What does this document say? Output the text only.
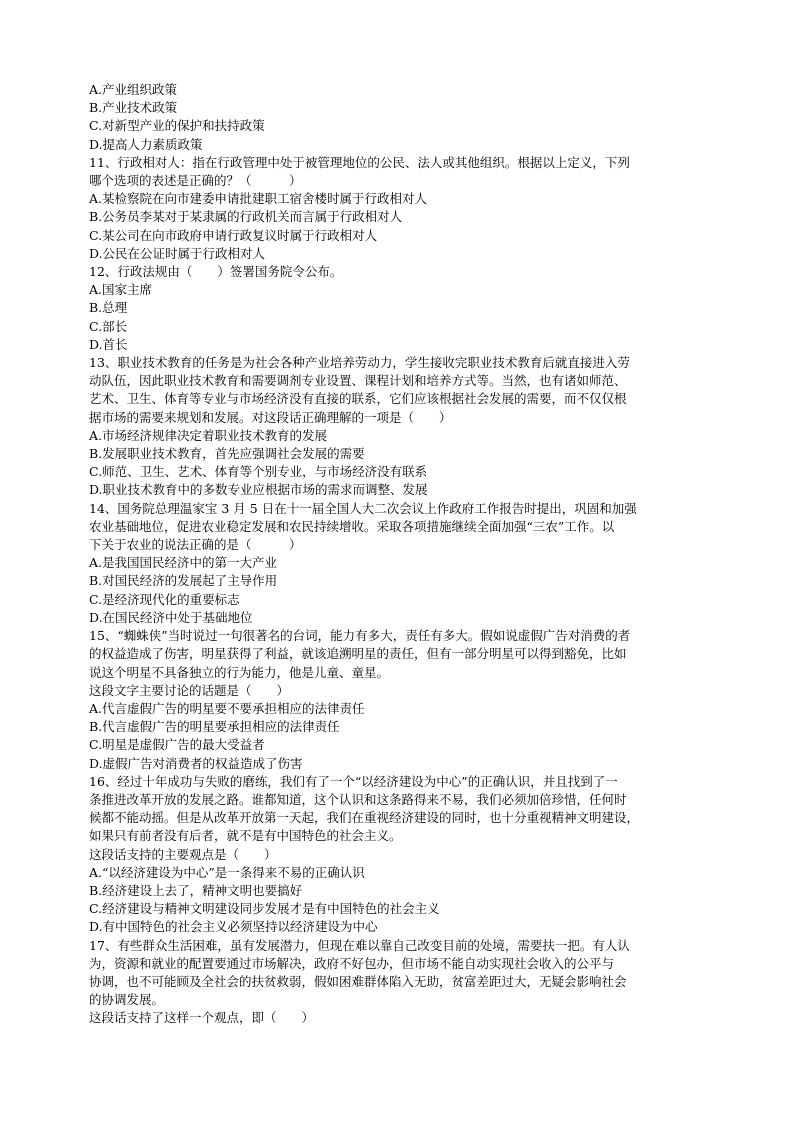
A.产业组织政策
B.产业技术政策
C.对新型产业的保护和扶持政策
D.提高人力素质政策
11、行政相对人：指在行政管理中处于被管理地位的公民、法人或其他组织。根据以上定义，下列
哪个选项的表述是正确的？（　　　）
A.某检察院在向市建委申请批建职工宿舍楼时属于行政相对人
B.公务员李某对于某隶属的行政机关而言属于行政相对人
C.某公司在向市政府申请行政复议时属于行政相对人
D.公民在公证时属于行政相对人
12、行政法规由（　　）签署国务院令公布。
A.国家主席
B.总理
C.部长
D.首长
13、职业技术教育的任务是为社会各种产业培养劳动力，学生接收完职业技术教育后就直接进入劳
动队伍，因此职业技术教育和需要调剂专业设置、课程计划和培养方式等。当然，也有诸如师范、
艺术、卫生、体育等专业与市场经济没有直接的联系，它们应该根据社会发展的需要，而不仅仅根
据市场的需要来规划和发展。对这段话正确理解的一项是（　　）
A.市场经济规律决定着职业技术教育的发展
B.发展职业技术教育，首先应强调社会发展的需要
C.师范、卫生、艺术、体育等个别专业，与市场经济没有联系
D.职业技术教育中的多数专业应根据市场的需求而调整、发展
14、国务院总理温家宝 3 月 5 日在十一届全国人大二次会议上作政府工作报告时提出，巩固和加强
农业基础地位，促进农业稳定发展和农民持续增收。采取各项措施继续全面加强“三农”工作。以
下关于农业的说法正确的是（　　　）
A.是我国国民经济中的第一大产业
B.对国民经济的发展起了主导作用
C.是经济现代化的重要标志
D.在国民经济中处于基础地位
15、“蜘蛛侠”当时说过一句很著名的台词，能力有多大，责任有多大。假如说虚假广告对消费的者
的权益造成了伤害，明星获得了利益，就该追溯明星的责任，但有一部分明星可以得到豁免，比如
说这个明星不具备独立的行为能力，他是儿童、童星。
这段文字主要讨论的话题是（　　）
A.代言虚假广告的明星要不要承担相应的法律责任
B.代言虚假广告的明星要承担相应的法律责任
C.明星是虚假广告的最大受益者
D.虚假广告对消费者的权益造成了伤害
16、经过十年成功与失败的磨练，我们有了一个“以经济建设为中心”的正确认识，并且找到了一
条推进改革开放的发展之路。谁都知道，这个认识和这条路得来不易，我们必须加倍珍惜，任何时
候都不能动摇。但是从改革开放第一天起，我们在重视经济建设的同时，也十分重视精神文明建设，
如果只有前者没有后者，就不是有中国特色的社会主义。
这段话支持的主要观点是（　　）
A.“以经济建设为中心”是一条得来不易的正确认识
B.经济建设上去了，精神文明也要搞好
C.经济建设与精神文明建设同步发展才是有中国特色的社会主义
D.有中国特色的社会主义必须坚持以经济建设为中心
17、有些群众生活困难，虽有发展潜力，但现在难以靠自己改变目前的处境，需要扶一把。有人认
为，资源和就业的配置要通过市场解决，政府不好包办，但市场不能自动实现社会收入的公平与
协调，也不可能顾及全社会的扶贫救弱，假如困难群体陷入无助，贫富差距过大，无疑会影响社会
的协调发展。
这段话支持了这样一个观点，即（　　）
